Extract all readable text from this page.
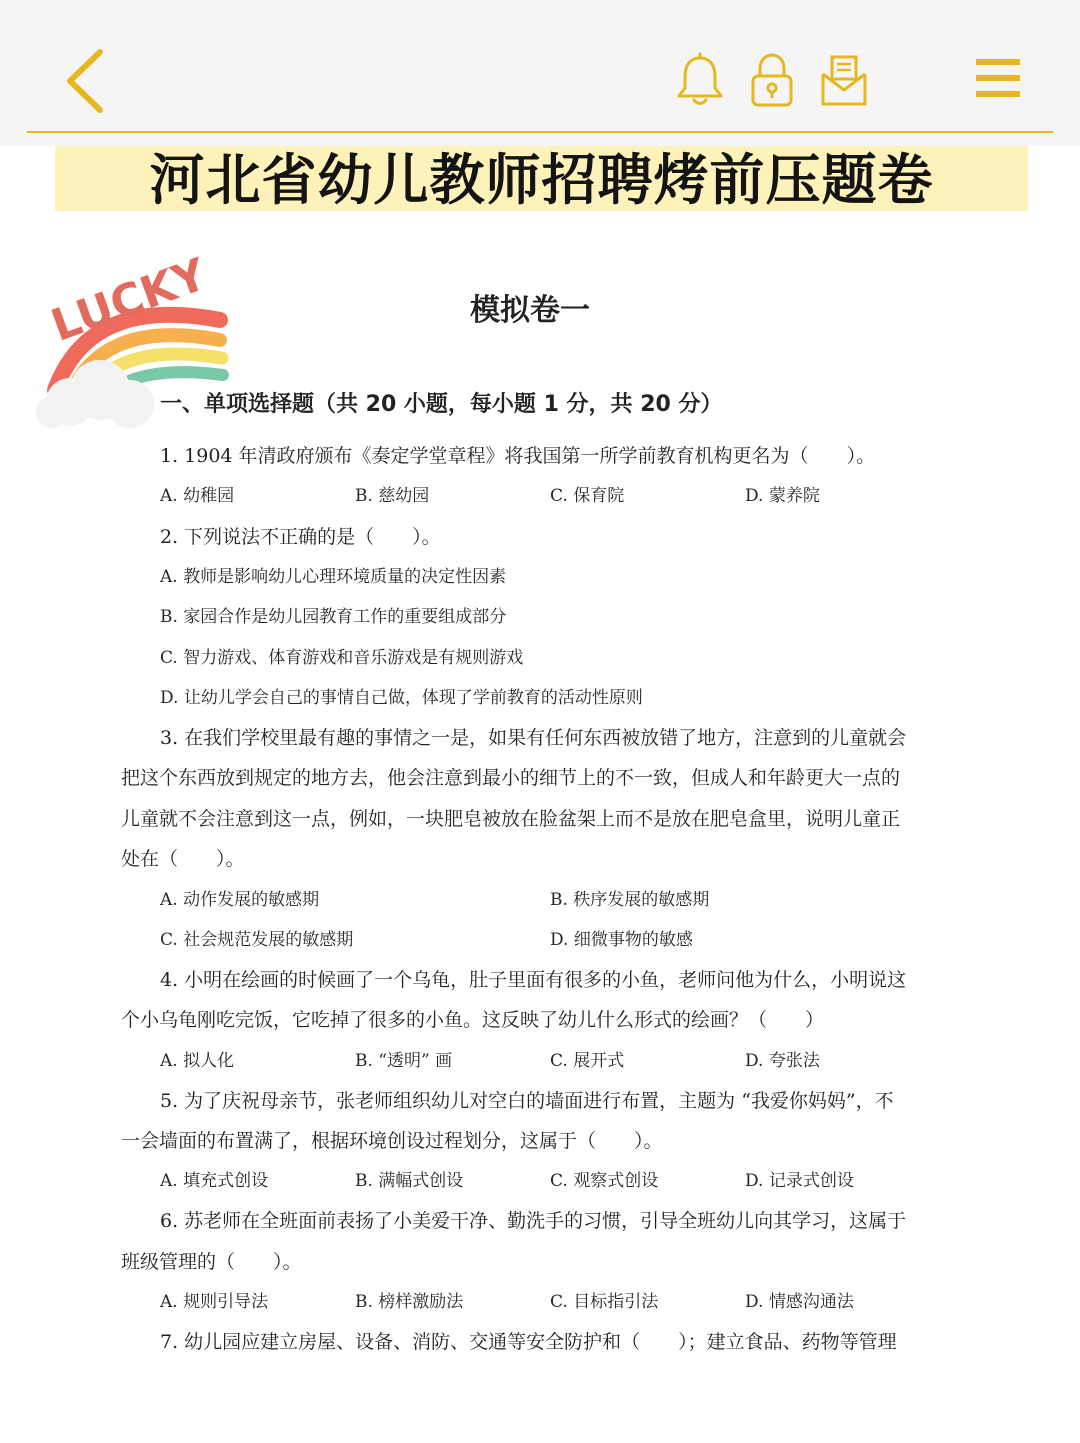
河北省幼儿教师招聘烤前压题卷
LUCKY	模拟卷一
一、单项选择题（共 20 小题，每小题 1 分，共 20 分）
1. 1904 年清政府颁布《奏定学堂章程》将我国第一所学前教育机构更名为（　　）。
A. 幼稚园	B. 慈幼园	C. 保育院	D. 蒙养院
2. 下列说法不正确的是（　　）。
A. 教师是影响幼儿心理环境质量的决定性因素
B. 家园合作是幼儿园教育工作的重要组成部分
C. 智力游戏、体育游戏和音乐游戏是有规则游戏
D. 让幼儿学会自己的事情自己做，体现了学前教育的活动性原则
3. 在我们学校里最有趣的事情之一是，如果有任何东西被放错了地方，注意到的儿童就会
把这个东西放到规定的地方去，他会注意到最小的细节上的不一致，但成人和年龄更大一点的
儿童就不会注意到这一点，例如，一块肥皂被放在脸盆架上而不是放在肥皂盒里，说明儿童正
处在（　　）。
A. 动作发展的敏感期	B. 秩序发展的敏感期
C. 社会规范发展的敏感期	D. 细微事物的敏感
4. 小明在绘画的时候画了一个乌龟，肚子里面有很多的小鱼，老师问他为什么，小明说这
个小乌龟刚吃完饭，它吃掉了很多的小鱼。这反映了幼儿什么形式的绘画？（　　）
A. 拟人化	B. “透明” 画	C. 展开式	D. 夸张法
5. 为了庆祝母亲节，张老师组织幼儿对空白的墙面进行布置，主题为 “我爱你妈妈”，不
一会墙面的布置满了，根据环境创设过程划分，这属于（　　）。
A. 填充式创设	B. 满幅式创设	C. 观察式创设	D. 记录式创设
6. 苏老师在全班面前表扬了小美爱干净、勤洗手的习惯，引导全班幼儿向其学习，这属于
班级管理的（　　）。
A. 规则引导法	B. 榜样激励法	C. 目标指引法	D. 情感沟通法
7. 幼儿园应建立房屋、设备、消防、交通等安全防护和（　　）；建立食品、药物等管理
